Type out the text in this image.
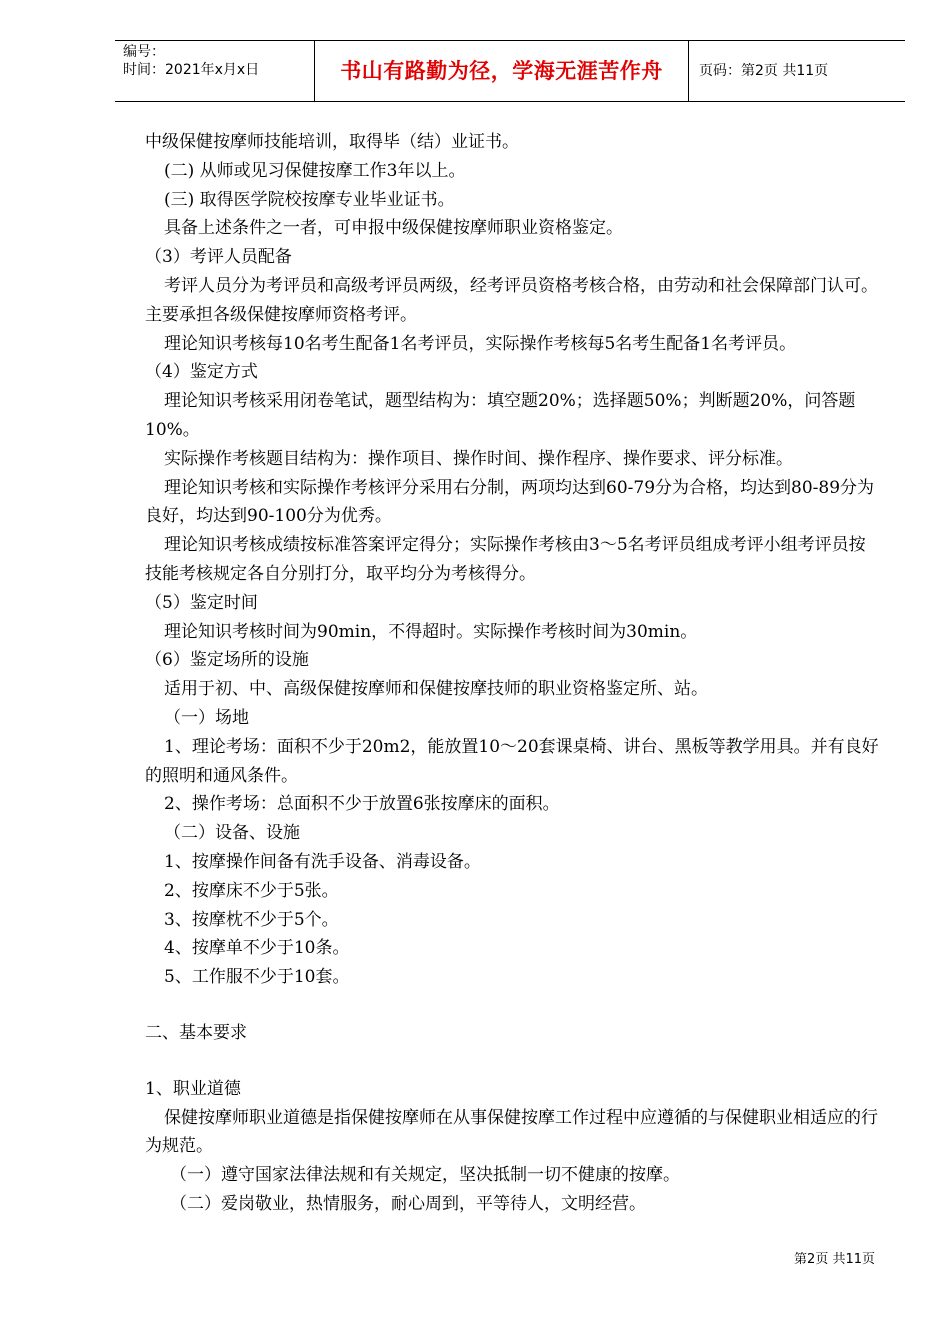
编号：
时间：2021年x月x日	书山有路勤为径，学海无涯苦作舟	页码：第2页 共11页

中级保健按摩师技能培训，取得毕（结）业证书。

(二) 从师或见习保健按摩工作3年以上。

(三) 取得医学院校按摩专业毕业证书。

具备上述条件之一者，可申报中级保健按摩师职业资格鉴定。

（3）考评人员配备

考评人员分为考评员和高级考评员两级，经考评员资格考核合格，由劳动和社会保障部门认可。主要承担各级保健按摩师资格考评。

理论知识考核每10名考生配备1名考评员，实际操作考核每5名考生配备1名考评员。

（4）鉴定方式

理论知识考核采用闭卷笔试，题型结构为：填空题20%；选择题50%；判断题20%，问答题10%。

实际操作考核题目结构为：操作项目、操作时间、操作程序、操作要求、评分标准。

理论知识考核和实际操作考核评分采用右分制，两项均达到60-79分为合格，均达到80-89分为良好，均达到90-100分为优秀。

理论知识考核成绩按标准答案评定得分；实际操作考核由3～5名考评员组成考评小组考评员按技能考核规定各自分别打分，取平均分为考核得分。

（5）鉴定时间

理论知识考核时间为90min，不得超时。实际操作考核时间为30min。

（6）鉴定场所的设施

适用于初、中、高级保健按摩师和保健按摩技师的职业资格鉴定所、站。

（一）场地

1、理论考场：面积不少于20m2，能放置10～20套课桌椅、讲台、黑板等教学用具。并有良好的照明和通风条件。

2、操作考场：总面积不少于放置6张按摩床的面积。

（二）设备、设施

1、按摩操作间备有洗手设备、消毒设备。

2、按摩床不少于5张。

3、按摩枕不少于5个。

4、按摩单不少于10条。

5、工作服不少于10套。

二、基本要求

1、职业道德

保健按摩师职业道德是指保健按摩师在从事保健按摩工作过程中应遵循的与保健职业相适应的行为规范。

（一）遵守国家法律法规和有关规定，坚决抵制一切不健康的按摩。

（二）爱岗敬业，热情服务，耐心周到，平等待人，文明经营。

第2页 共11页
